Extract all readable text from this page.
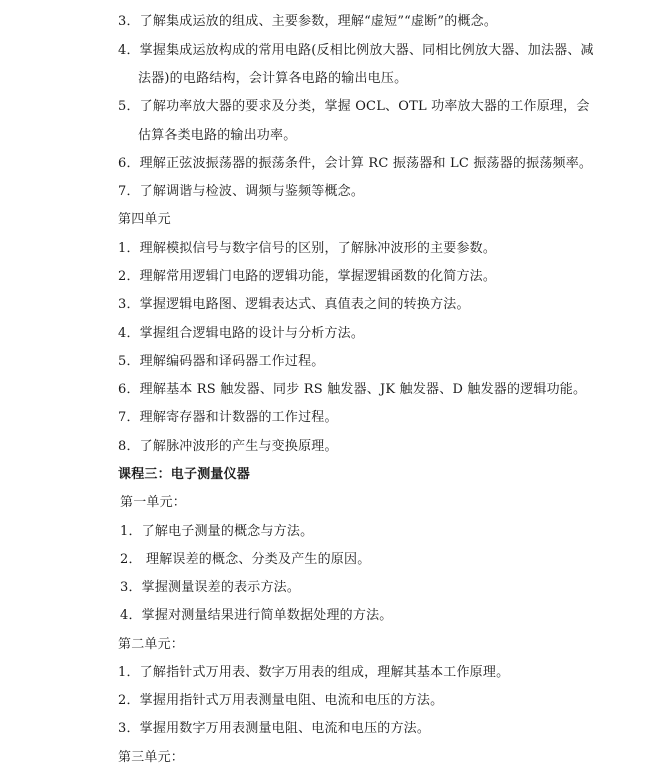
3．了解集成运放的组成、主要参数，理解“虚短”“虚断”的概念。
4．掌握集成运放构成的常用电路(反相比例放大器、同相比例放大器、加法器、减
法器)的电路结构，会计算各电路的输出电压。
5．了解功率放大器的要求及分类，掌握 OCL、OTL 功率放大器的工作原理，会
估算各类电路的输出功率。
6．理解正弦波振荡器的振荡条件，会计算 RC 振荡器和 LC 振荡器的振荡频率。
7．了解调谐与检波、调频与鉴频等概念。
第四单元
1．理解模拟信号与数字信号的区别，了解脉冲波形的主要参数。
2．理解常用逻辑门电路的逻辑功能，掌握逻辑函数的化简方法。
3．掌握逻辑电路图、逻辑表达式、真值表之间的转换方法。
4．掌握组合逻辑电路的设计与分析方法。
5．理解编码器和译码器工作过程。
6．理解基本 RS 触发器、同步 RS 触发器、JK 触发器、D 触发器的逻辑功能。
7．理解寄存器和计数器的工作过程。
8．了解脉冲波形的产生与变换原理。
课程三：电子测量仪器
第一单元：
1．了解电子测量的概念与方法。
2． 理解误差的概念、分类及产生的原因。
3．掌握测量误差的表示方法。
4．掌握对测量结果进行简单数据处理的方法。
第二单元：
1．了解指针式万用表、数字万用表的组成，理解其基本工作原理。
2．掌握用指针式万用表测量电阻、电流和电压的方法。
3．掌握用数字万用表测量电阻、电流和电压的方法。
第三单元：
